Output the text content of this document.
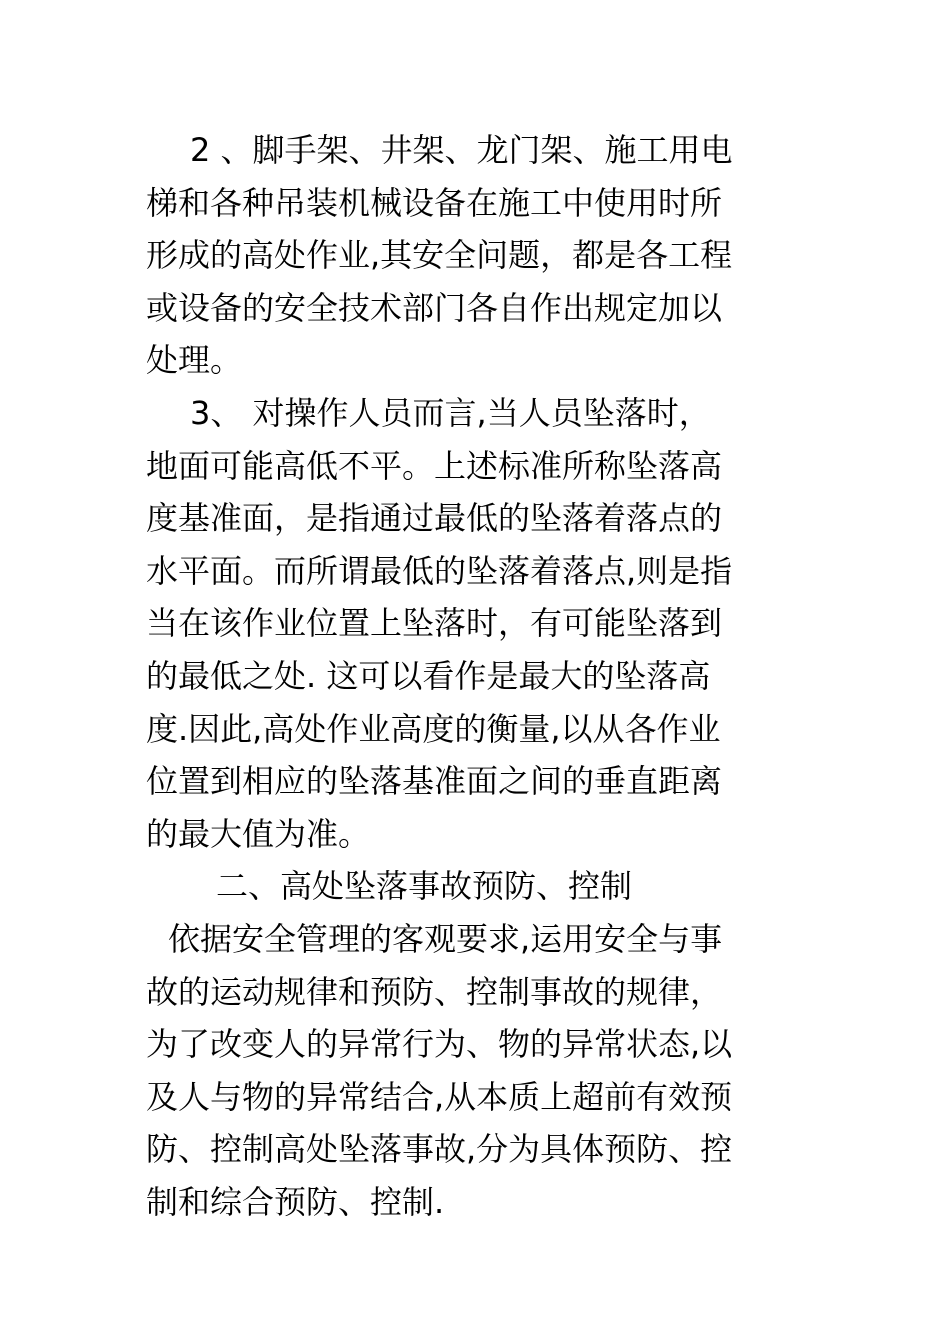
2 、脚手架、井架、龙门架、施工用电
梯和各种吊装机械设备在施工中使用时所
形成的高处作业,其安全问题，都是各工程
或设备的安全技术部门各自作出规定加以
处理。
3、 对操作人员而言,当人员坠落时，
地面可能高低不平。上述标准所称坠落高
度基准面，是指通过最低的坠落着落点的
水平面。而所谓最低的坠落着落点,则是指
当在该作业位置上坠落时，有可能坠落到
的最低之处. 这可以看作是最大的坠落高
度.因此,高处作业高度的衡量,以从各作业
位置到相应的坠落基准面之间的垂直距离
的最大值为准。
二、高处坠落事故预防、控制
依据安全管理的客观要求,运用安全与事
故的运动规律和预防、控制事故的规律，
为了改变人的异常行为、物的异常状态,以
及人与物的异常结合,从本质上超前有效预
防、控制高处坠落事故,分为具体预防、控
制和综合预防、控制.
